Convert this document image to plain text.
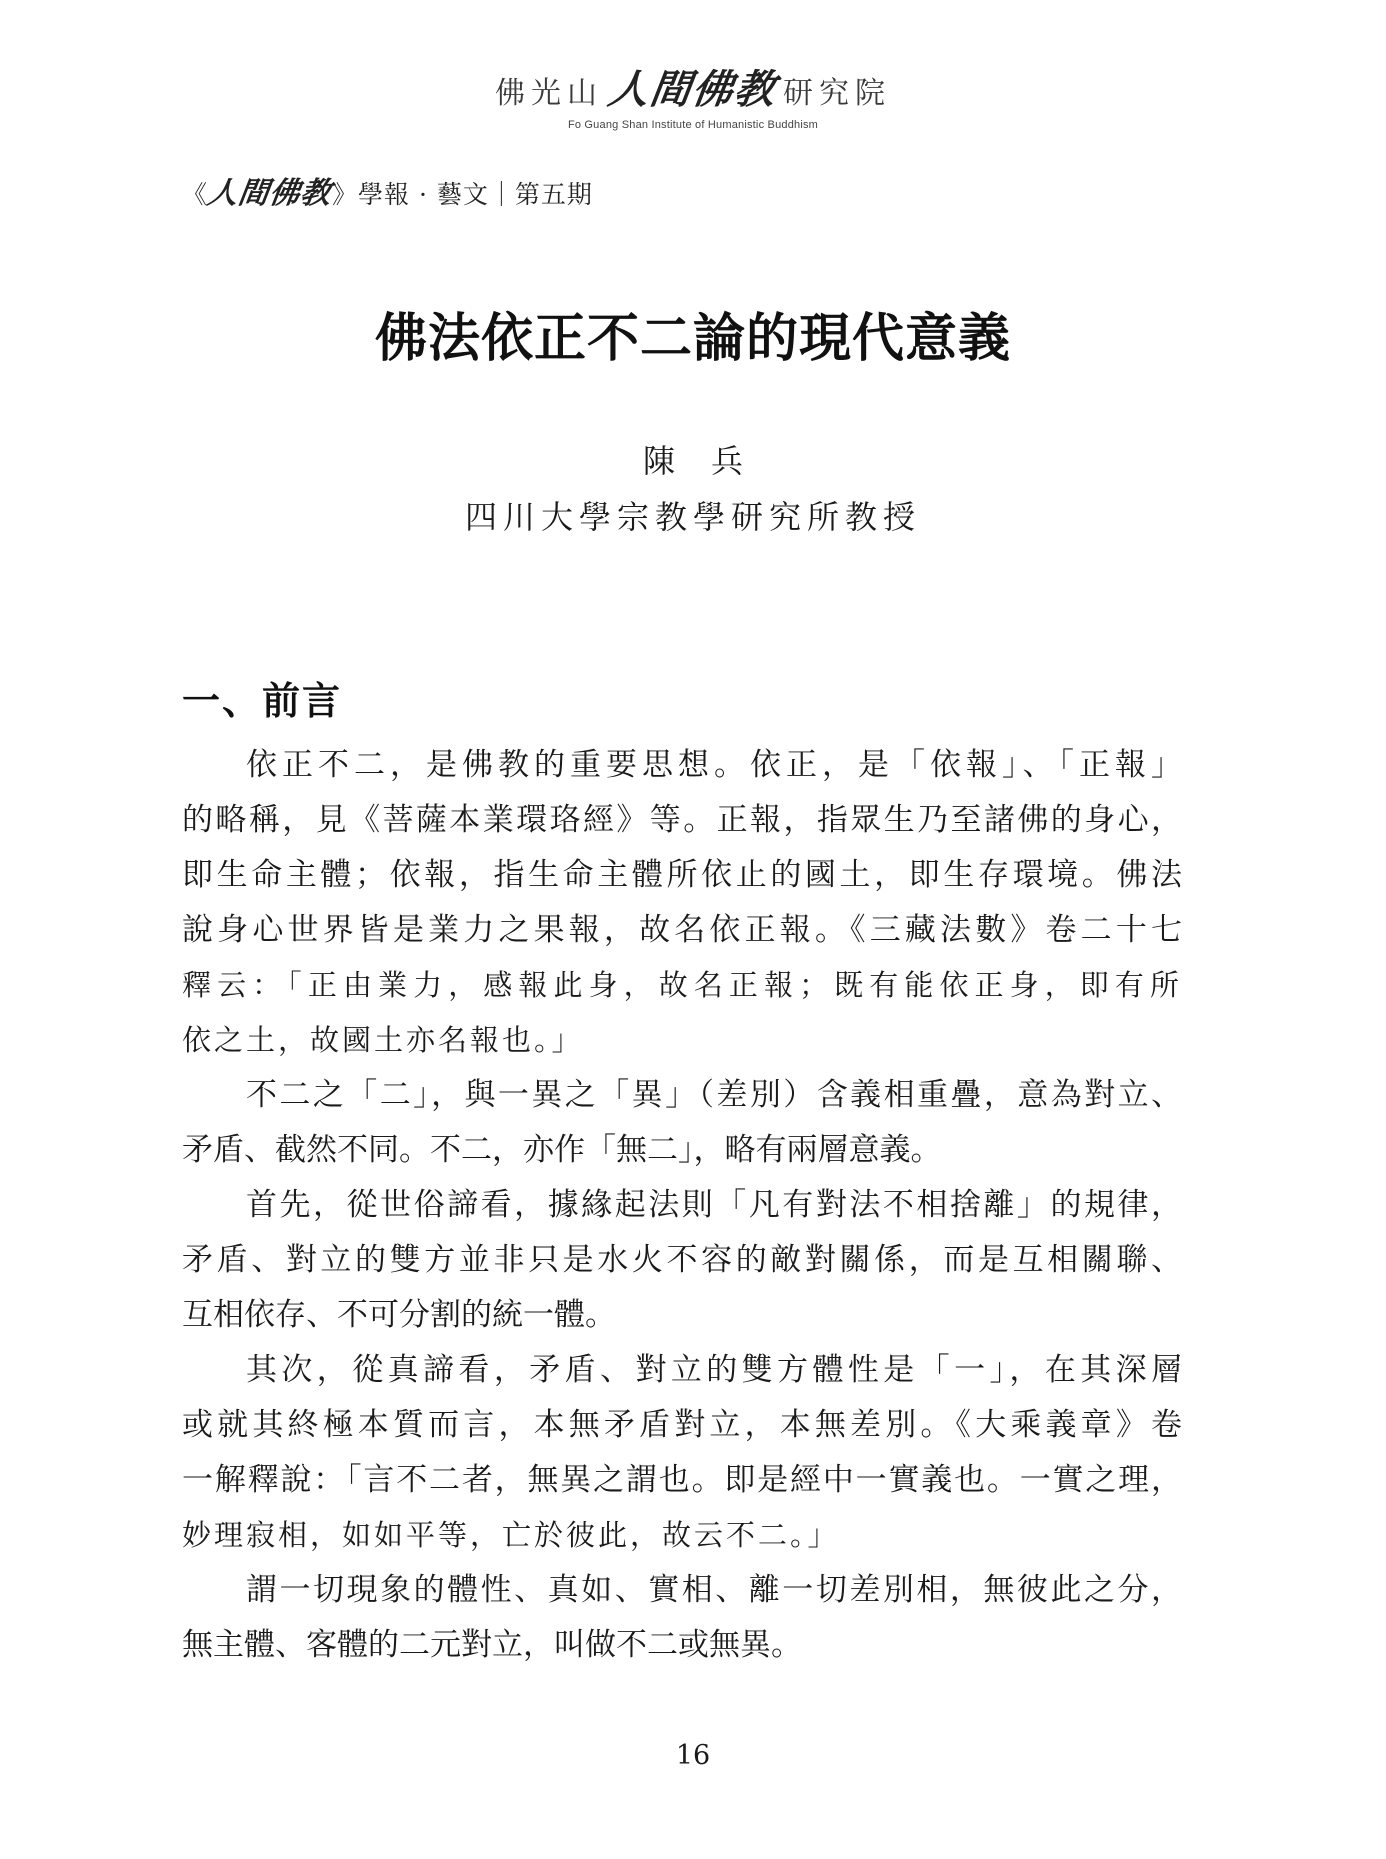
佛光山 人間佛教 研究院
Fo Guang Shan Institute of Humanistic Buddhism
《
人間佛教
》學報 · 藝文｜第五期
佛法依正不二論的現代意義
陳兵
四川大學宗教學研究所教授
一、前言
依正不二，是佛教的重要思想。依正，是「依報」、「正報」
的略稱，見《菩薩本業環珞經》等。正報，指眾生乃至諸佛的身心，
即生命主體；依報，指生命主體所依止的國土，即生存環境。佛法
說身心世界皆是業力之果報，故名依正報。《三藏法數》卷二十七
釋云：「正由業力，感報此身，故名正報；既有能依正身，即有所
依之土，故國土亦名報也。」
不二之「二」，與一異之「異」（差別）含義相重疊，意為對立、
矛盾、截然不同。不二，亦作「無二」，略有兩層意義。
首先，從世俗諦看，據緣起法則「凡有對法不相捨離」的規律，
矛盾、對立的雙方並非只是水火不容的敵對關係，而是互相關聯、
互相依存、不可分割的統一體。
其次，從真諦看，矛盾、對立的雙方體性是「一」，在其深層
或就其終極本質而言，本無矛盾對立，本無差別。《大乘義章》卷
一解釋說：「言不二者，無異之謂也。即是經中一實義也。一實之理，
妙理寂相，如如平等，亡於彼此，故云不二。」
謂一切現象的體性、真如、實相、離一切差別相，無彼此之分，
無主體、客體的二元對立，叫做不二或無異。
16
